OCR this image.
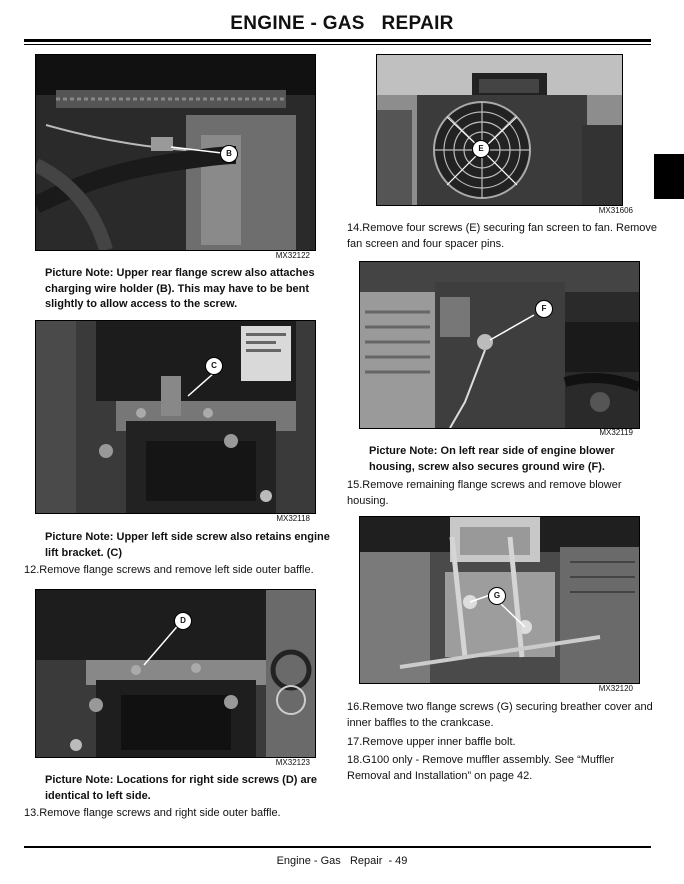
ENGINE - GAS   REPAIR
B
MX32122
Picture Note: Upper rear flange screw also attaches charging wire holder (B). This may have to be bent slightly to allow access to the screw.
C
MX32118
Picture Note: Upper left side screw also retains engine lift bracket. (C)
12.Remove flange screws and remove left side outer baffle.
D
MX32123
Picture Note: Locations for right side screws (D) are identical to left side.
13.Remove flange screws and right side outer baffle.
E
MX31606
14.Remove four screws (E) securing fan screen to fan. Remove fan screen and four spacer pins.
F
MX32119
Picture Note: On left rear side of engine blower housing, screw also secures ground wire (F).
15.Remove remaining flange screws and remove blower housing.
G
MX32120
16.Remove two flange screws (G) securing breather cover and inner baffles to the crankcase.
17.Remove upper inner baffle bolt.
18.G100 only - Remove muffler assembly. See “Muffler Removal and Installation” on page 42.
Engine - Gas   Repair  - 49
